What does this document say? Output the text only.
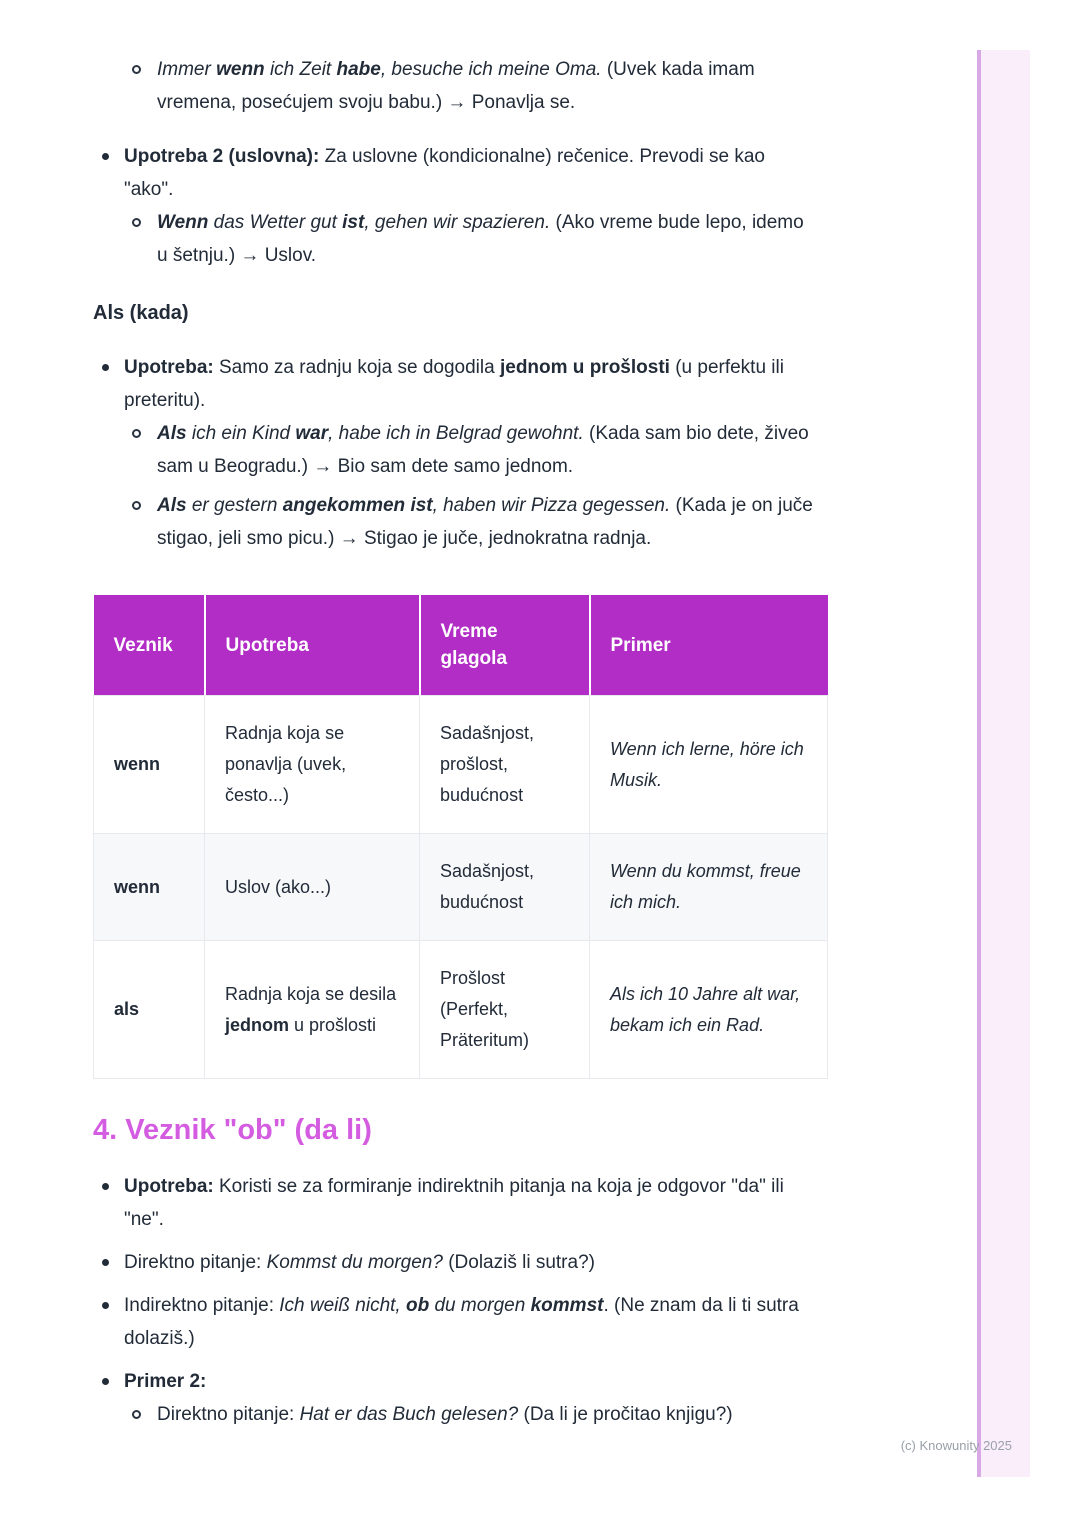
Immer wenn ich Zeit habe, besuche ich meine Oma. (Uvek kada imam vremena, posećujem svoju babu.) → Ponavlja se.

Upotreba 2 (uslovna): Za uslovne (kondicionalne) rečenice. Prevodi se kao "ako".

Wenn das Wetter gut ist, gehen wir spazieren. (Ako vreme bude lepo, idemo u šetnju.) → Uslov.

Als (kada)

Upotreba: Samo za radnju koja se dogodila jednom u prošlosti (u perfektu ili preteritu).

Als ich ein Kind war, habe ich in Belgrad gewohnt. (Kada sam bio dete, živeo sam u Beogradu.) → Bio sam dete samo jednom.

Als er gestern angekommen ist, haben wir Pizza gegessen. (Kada je on juče stigao, jeli smo picu.) → Stigao je juče, jednokratna radnja.

Veznik	Upotreba	Vreme glagola	Primer
wenn	Radnja koja se ponavlja (uvek, često...)	Sadašnjost, prošlost, budućnost	Wenn ich lerne, höre ich Musik.
wenn	Uslov (ako...)	Sadašnjost, budućnost	Wenn du kommst, freue ich mich.
als	Radnja koja se desila jednom u prošlosti	Prošlost (Perfekt, Präteritum)	Als ich 10 Jahre alt war, bekam ich ein Rad.
4. Veznik "ob" (da li)

Upotreba: Koristi se za formiranje indirektnih pitanja na koja je odgovor "da" ili "ne".

Direktno pitanje: Kommst du morgen? (Dolaziš li sutra?)

Indirektno pitanje: Ich weiß nicht, ob du morgen kommst. (Ne znam da li ti sutra dolaziš.)

Primer 2:

Direktno pitanje: Hat er das Buch gelesen? (Da li je pročitao knjigu?)

(c) Knowunity 2025
